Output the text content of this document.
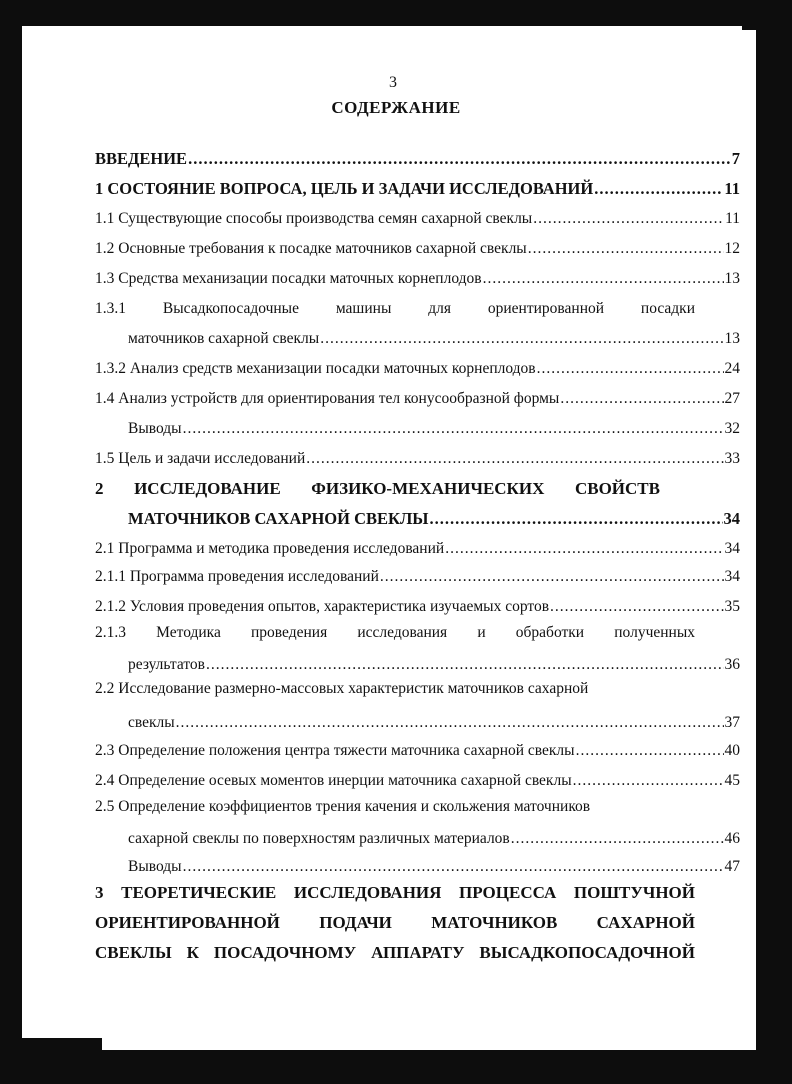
3
СОДЕРЖАНИЕ
ВВЕДЕНИЕ .....	7
1 СОСТОЯНИЕ ВОПРОСА, ЦЕЛЬ И ЗАДАЧИ ИССЛЕДОВАНИЙ .....	11
1.1 Существующие способы производства семян сахарной свеклы .....	11
1.2 Основные требования к посадке маточников сахарной свеклы .....	12
1.3 Средства механизации посадки маточных корнеплодов .....	13
1.3.1 Высадкопосадочные машины для ориентированной посадки
маточников сахарной свеклы .....	13
1.3.2 Анализ средств механизации посадки маточных корнеплодов .....	24
1.4 Анализ устройств для ориентирования тел конусообразной формы .....	27
Выводы .....	32
1.5 Цель и задачи исследований .....	33
2 ИССЛЕДОВАНИЕ ФИЗИКО-МЕХАНИЧЕСКИХ СВОЙСТВ
МАТОЧНИКОВ САХАРНОЙ СВЕКЛЫ .....	34
2.1 Программа и методика проведения исследований .....	34
2.1.1 Программа проведения исследований .....	34
2.1.2 Условия проведения опытов, характеристика изучаемых сортов .....	35
2.1.3 Методика проведения исследования и обработки полученных
результатов .....	36
2.2 Исследование размерно-массовых характеристик маточников сахарной
свеклы .....	37
2.3 Определение положения центра тяжести маточника сахарной свеклы .....	40
2.4 Определение осевых моментов инерции маточника сахарной свеклы .....	45
2.5 Определение коэффициентов трения качения и скольжения маточников
сахарной свеклы по поверхностям различных материалов .....	46
Выводы .....	47
3 ТЕОРЕТИЧЕСКИЕ ИССЛЕДОВАНИЯ ПРОЦЕССА ПОШТУЧНОЙ
ОРИЕНТИРОВАННОЙ ПОДАЧИ МАТОЧНИКОВ САХАРНОЙ
СВЕКЛЫ К ПОСАДОЧНОМУ АППАРАТУ ВЫСАДКОПОСАДОЧНОЙ
